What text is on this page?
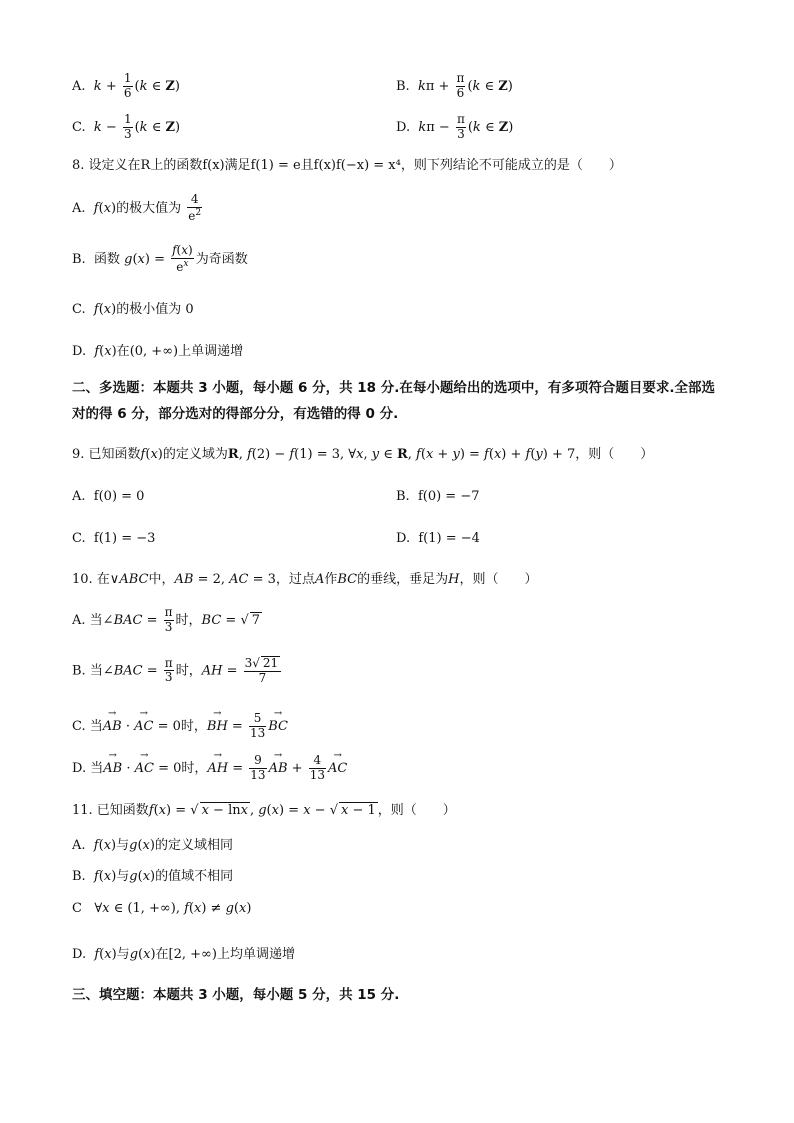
A. $k + \frac{1}{6} (k$ ∈ Z)	B. $k\pi + \frac{\pi}{6} (k$ ∈ Z)
C. $k - \frac{1}{3} (k$ ∈ Z)	D. $k\pi - \frac{\pi}{3} (k$ ∈ Z)
8. 设定义在R上的函数f(x)满足f(1) = e且f(x)f(−x) = x⁴，则下列结论不可能成立的是（　　）
A. f(x)的极大值为 $\frac{4}{e^2}$
B. 函数 $g(x) = \frac{f(x)}{e^x}$ 为奇函数
C. f(x)的极小值为 0
D. f(x)在(0, +∞)上单调递增
二、多选题：本题共 3 小题，每小题 6 分，共 18 分.在每小题给出的选项中，有多项符合题目要求.全部选对的得 6 分，部分选对的得部分分，有选错的得 0 分.
9. 已知函数f(x)的定义域为R, f(2) − f(1) = 3, ∀x, y ∈ R, f(x + y) = f(x) + f(y) + 7，则（　　）
A. f(0) = 0	B. f(0) = −7
C. f(1) = −3	D. f(1) = −4
10. 在∨ABC中，AB = 2, AC = 3，过点A作BC的垂线，垂足为H，则（　　）
A. 当∠BAC = $\frac{\pi}{3}$ 时，BC = √ 7
B. 当∠BAC = $\frac{\pi}{3}$ 时，AH = $\frac{3√ 21}{7}$
C. 当→ AB · → AC = 0时，→ BH = $\frac{5}{13}$ → BC
D. 当→ AB · → AC = 0时，→ AH = $\frac{9}{13}$ → AB + $\frac{4}{13}$ → AC
11. 已知函数f(x) = √ x − lnx , g(x) = x − √ x − 1 ，则（　　）
A. f(x)与g(x)的定义域相同
B. f(x)与g(x)的值域不相同
C   ∀x ∈ (1, +∞), f(x) ≠ g(x)
D. f(x)与g(x)在[2, +∞)上均单调递增
三、填空题：本题共 3 小题，每小题 5 分，共 15 分.
